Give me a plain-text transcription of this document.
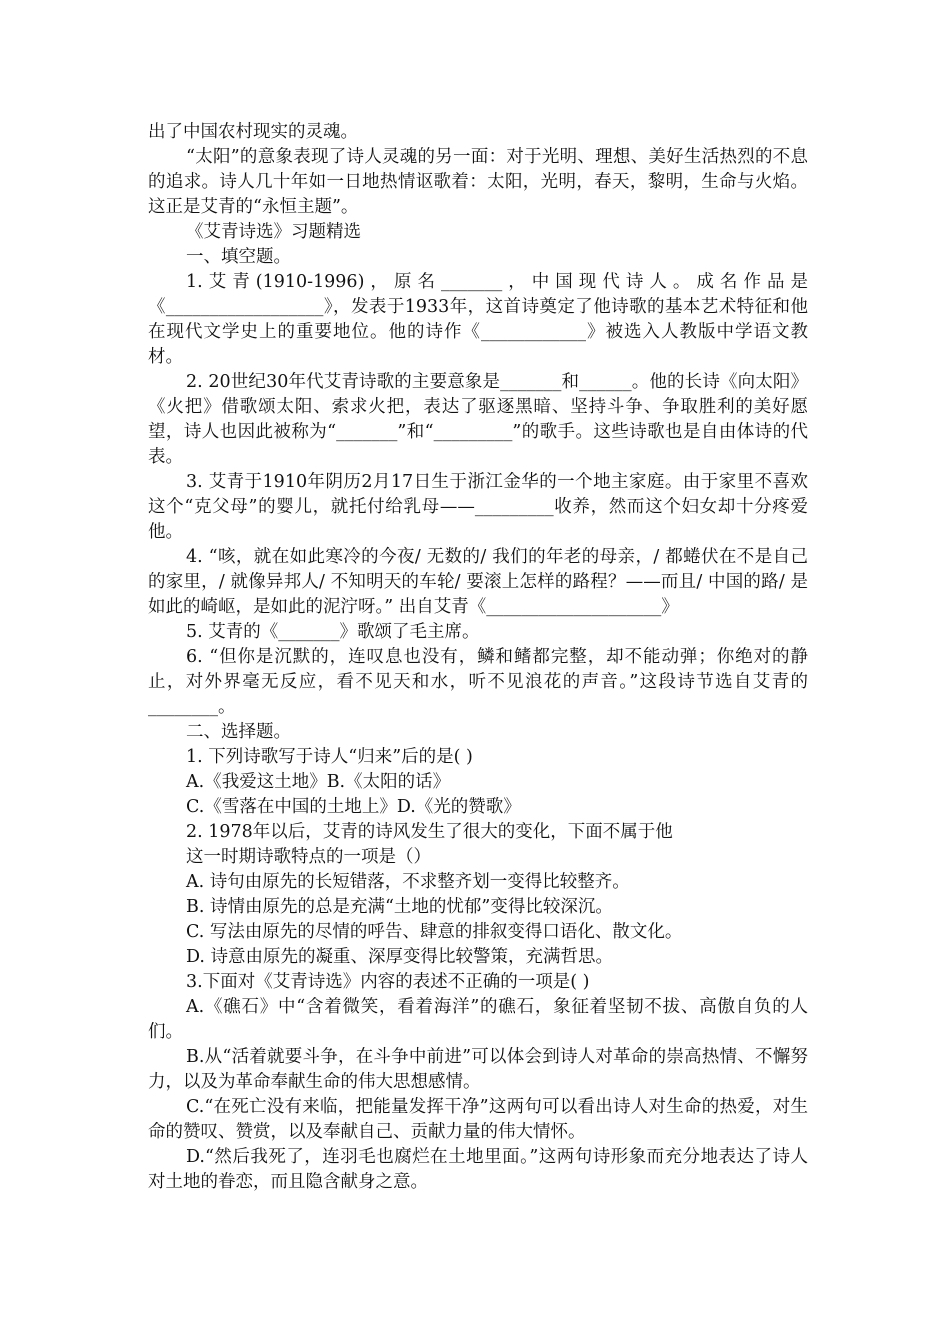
出了中国农村现实的灵魂。

“太阳”的意象表现了诗人灵魂的另一面：对于光明、理想、美好生活热烈的不息的追求。诗人几十年如一日地热情讴歌着：太阳，光明，春天，黎明，生命与火焰。这正是艾青的“永恒主题”。

《艾青诗选》习题精选

一、填空题。

1.艾青(1910-1996)，原名_______，中国现代诗人。成名作品是《__________________》，发表于1933年，这首诗奠定了他诗歌的基本艺术特征和他在现代文学史上的重要地位。他的诗作《____________》被选入人教版中学语文教材。

2. 20世纪30年代艾青诗歌的主要意象是_______和______。他的长诗《向太阳》《火把》借歌颂太阳、索求火把，表达了驱逐黑暗、坚持斗争、争取胜利的美好愿望，诗人也因此被称为“_______”和“_________”的歌手。这些诗歌也是自由体诗的代表。

3. 艾青于1910年阴历2月17日生于浙江金华的一个地主家庭。由于家里不喜欢这个“克父母”的婴儿，就托付给乳母——_________收养，然而这个妇女却十分疼爱他。

4. “咳，就在如此寒冷的今夜/ 无数的/ 我们的年老的母亲，/ 都蜷伏在不是自己的家里，/ 就像异邦人/ 不知明天的车轮/ 要滚上怎样的路程？——而且/ 中国的路/ 是如此的崎岖，是如此的泥泞呀。” 出自艾青《____________________》

5. 艾青的《_______》歌颂了毛主席。

6. “但你是沉默的，连叹息也没有，鳞和鳍都完整，却不能动弹；你绝对的静止，对外界毫无反应，看不见天和水，听不见浪花的声音。”这段诗节选自艾青的________。

二、选择题。

1. 下列诗歌写于诗人“归来”后的是( )

A.《我爱这土地》B.《太阳的话》

C.《雪落在中国的土地上》D.《光的赞歌》

2. 1978年以后，艾青的诗风发生了很大的变化，下面不属于他

这一时期诗歌特点的一项是（）

A. 诗句由原先的长短错落，不求整齐划一变得比较整齐。

B. 诗情由原先的总是充满“土地的忧郁”变得比较深沉。

C. 写法由原先的尽情的呼告、肆意的排叙变得口语化、散文化。

D. 诗意由原先的凝重、深厚变得比较警策，充满哲思。

3.下面对《艾青诗选》内容的表述不正确的一项是( )

A.《礁石》中“含着微笑，看着海洋”的礁石，象征着坚韧不拔、高傲自负的人们。

B.从“活着就要斗争，在斗争中前进”可以体会到诗人对革命的崇高热情、不懈努力，以及为革命奉献生命的伟大思想感情。

C.“在死亡没有来临，把能量发挥干净”这两句可以看出诗人对生命的热爱，对生命的赞叹、赞赏，以及奉献自己、贡献力量的伟大情怀。

D.“然后我死了，连羽毛也腐烂在土地里面。”这两句诗形象而充分地表达了诗人对土地的眷恋，而且隐含献身之意。
